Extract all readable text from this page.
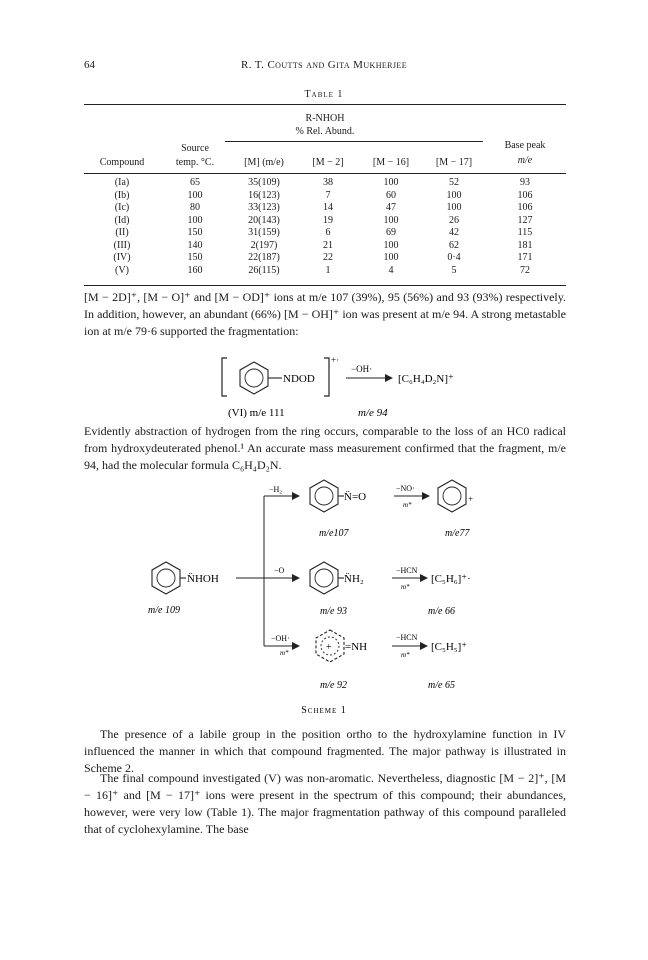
64	R. T. Coutts and Gita Mukherjee
Table 1
R-NHOH
% Rel. Abund.
Source	Base peak
Compound	temp. °C.	[M] (m/e)	[M − 2]	[M − 16]	[M − 17]	m/e
(Ia)	65	35(109)	38	100	52	93
(Ib)	100	16(123)	7	60	100	106
(Ic)	80	33(123)	14	47	100	106
(Id)	100	20(143)	19	100	26	127
(II)	150	31(159)	6	69	42	115
(III)	140	2(197)	21	100	62	181
(IV)	150	22(187)	22	100	0·4	171
(V)	160	26(115)	1	4	5	72

[M − 2D]⁺, [M − O]⁺ and [M − OD]⁺ ions at m/e 107 (39%), 95 (56%) and 93 (93%) respectively. In addition, however, an abundant (66%) [M − OH]⁺ ion was present at m/e 94. A strong metastable ion at m/e 79·6 supported the fragmentation:

NDOD
+·
−OH·
[C₆H₄D₂N]⁺
(VI) m/e 111	m/e 94

Evidently abstraction of hydrogen from the ring occurs, comparable to the loss of an HC0 radical from hydroxydeuterated phenol.¹ An accurate mass measurement confirmed that the fragment, m/e 94, had the molecular formula C₆H₄D₂N.

N̈HOH
m/e 109
−H₂
N̈=O
−NO·
m*
+
m/e107	m/e77
−O
N̈H₂
−HCN
m*
[C₅H₆]⁺·
m/e 93	m/e 66
−OH·
m*	+ =NH
−HCN
m*
[C₅H₅]⁺
m/e 92	m/e 65
Scheme 1

The presence of a labile group in the position ortho to the hydroxylamine function in IV influenced the manner in which that compound fragmented. The major pathway is illustrated in Scheme 2.

The final compound investigated (V) was non-aromatic. Nevertheless, diagnostic [M − 2]⁺, [M − 16]⁺ and [M − 17]⁺ ions were present in the spectrum of this compound; their abundances, however, were very low (Table 1). The major fragmentation pathway of this compound paralleled that of cyclohexylamine. The base
